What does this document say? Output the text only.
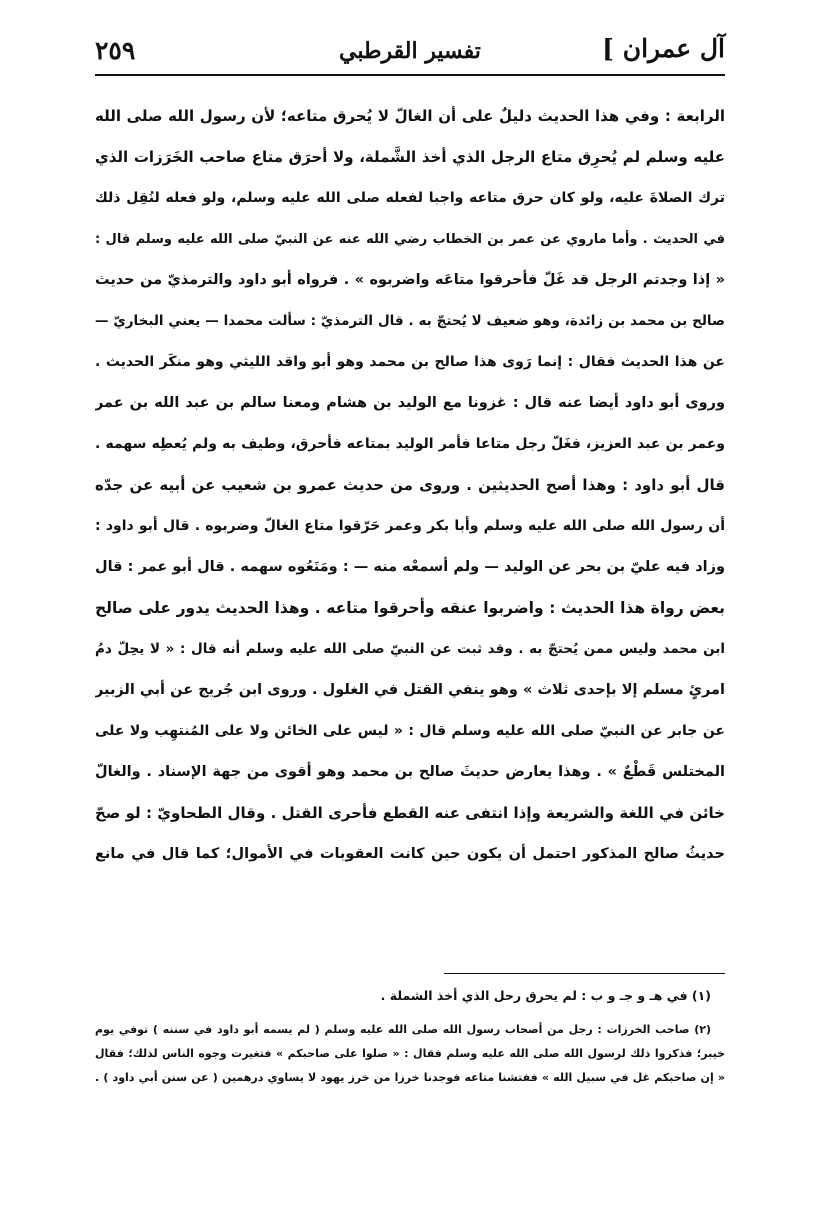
آل عمران ]
تفسير القرطبي
٢٥٩
الرابعة : وفي هذا الحديث دليلٌ على أن الغالّ لا يُحرق متاعه؛ لأن رسول الله صلى الله
عليه وسلم لم يُحرِق متاع الرجل الذي أخذ الشَّملة، ولا أحرَق متاع صاحب الخَرَزات الذي
ترك الصلاةَ عليه، ولو كان حرق متاعه واجبا لفعله صلى الله عليه وسلم، ولو فعله لنُقِل ذلك
في الحديث . وأما ماروي عن عمر بن الخطاب رضي الله عنه عن النبيّ صلى الله عليه وسلم قال :
« إذا وجدتم الرجل قد غَلّ فأحرقوا متاعَه واضربوه » . فرواه أبو داود والترمذيّ من حديث
صالح بن محمد بن زائدة، وهو ضعيف لا يُحتجّ به . قال الترمذيّ : سألت محمدا — يعني البخاريّ —
عن هذا الحديث فقال : إنما رَوى هذا صالح بن محمد وهو أبو واقد الليثي وهو منكَر الحديث .
وروى أبو داود أيضا عنه قال : غزونا مع الوليد بن هشام ومعنا سالم بن عبد الله بن عمر
وعمر بن عبد العزيز، فغَلّ رجل متاعا فأمر الوليد بمتاعه فأحرق، وطيف به ولم يُعطِه سهمه .
قال أبو داود : وهذا أصح الحديثين . وروى من حديث عمرو بن شعيب عن أبيه عن جدّه
أن رسول الله صلى الله عليه وسلم وأبا بكر وعمر حَرّقوا متاع الغالّ وضربوه . قال أبو داود :
وزاد فيه عليّ بن بحر عن الوليد — ولم أسمعْه منه — : ومَنَعُوه سهمه . قال أبو عمر : قال
بعض رواة هذا الحديث : واضربوا عنقه وأحرقوا متاعه . وهذا الحديث يدور على صالح
ابن محمد وليس ممن يُحتجّ به . وقد ثبت عن النبيّ صلى الله عليه وسلم أنه قال : « لا يحِلّ دمُ
امرئٍ مسلم إلا بإحدى ثلاث » وهو ينفي القتل في الغلول . وروى ابن جُريج عن أبي الزبير
عن جابر عن النبيّ صلى الله عليه وسلم قال : « ليس على الخائن ولا على المُنتهِب ولا على
المختلس قَطْعٌ » . وهذا يعارض حديثَ صالح بن محمد وهو أقوى من جهة الإسناد . والغالّ
خائن في اللغة والشريعة وإذا انتفى عنه القطع فأحرى القتل . وقال الطحاويّ : لو صحّ
حديثُ صالح المذكور احتمل أن يكون حين كانت العقوبات في الأموال؛ كما قال في مانع
(١) في هـ و جـ و ب : لم يحرق رحل الذي أخذ الشملة .
(٢) صاحب الخرزات : رجل من أصحاب رسول الله صلى الله عليه وسلم ( لم يسمه أبو داود في سننه ) توفي يوم
خيبر؛ فذكروا ذلك لرسول الله صلى الله عليه وسلم فقال : « صلوا على صاحبكم » فتغيرت وجوه الناس لذلك؛ فقال
« إن صاحبكم غل في سبيل الله » ففتشنا متاعه فوجدنا خرزا من خرز يهود لا يساوي درهمين ( عن سنن أبي داود ) .
